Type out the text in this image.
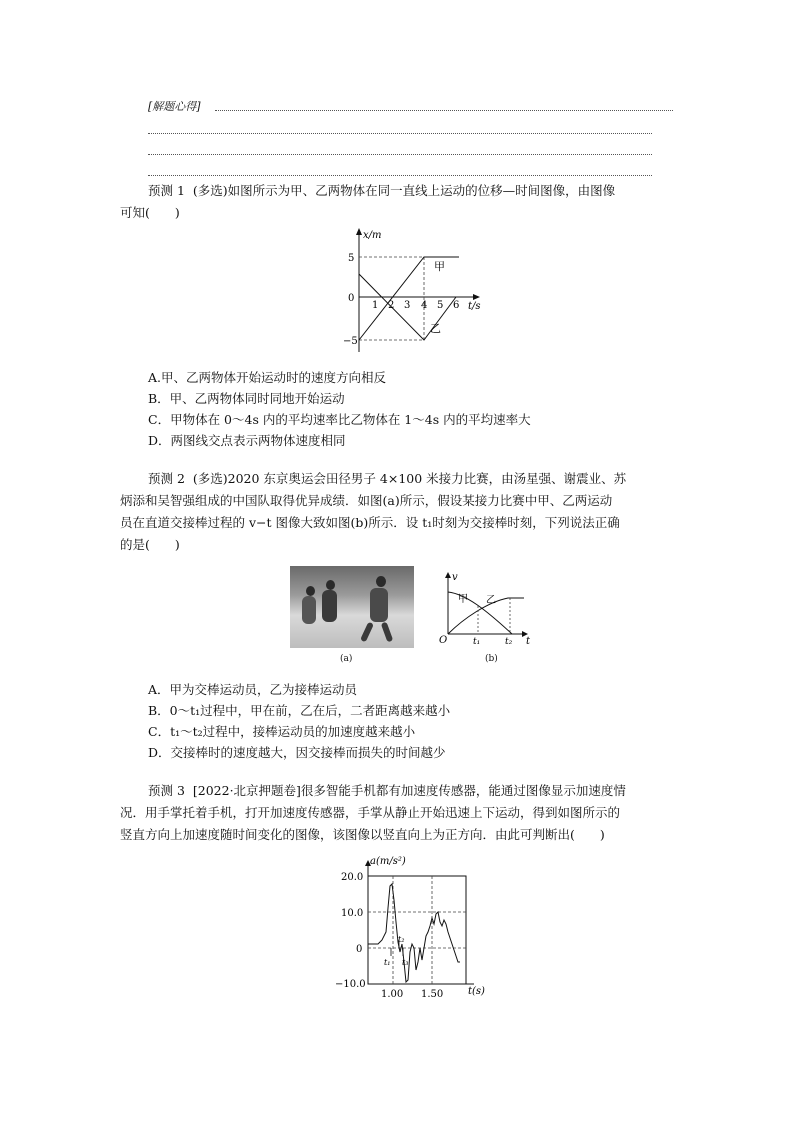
[解题心得]
预测 1 (多选)如图所示为甲、乙两物体在同一直线上运动的位移—时间图像，由图像
可知(　　)
x/m
t/s
5
0
−5
1 2 3 4 5 6
甲
乙
A.甲、乙两物体开始运动时的速度方向相反
B．甲、乙两物体同时同地开始运动
C．甲物体在 0～4s 内的平均速率比乙物体在 1～4s 内的平均速率大
D．两图线交点表示两物体速度相同
预测 2 (多选)2020 东京奥运会田径男子 4×100 米接力比赛，由汤星强、谢震业、苏
炳添和吴智强组成的中国队取得优异成绩．如图(a)所示，假设某接力比赛中甲、乙两运动
员在直道交接棒过程的 v−t 图像大致如图(b)所示．设 t₁时刻为交接棒时刻，下列说法正确
的是(　　)
(a)
v
t
O
甲 乙
t₁	t₂
(b)
A．甲为交棒运动员，乙为接棒运动员
B．0～t₁过程中，甲在前，乙在后，二者距离越来越小
C．t₁～t₂过程中，接棒运动员的加速度越来越小
D．交接棒时的速度越大，因交接棒而损失的时间越少
预测 3 [2022·北京押题卷]很多智能手机都有加速度传感器，能通过图像显示加速度情
况．用手掌托着手机，打开加速度传感器，手掌从静止开始迅速上下运动，得到如图所示的
竖直方向上加速度随时间变化的图像，该图像以竖直向上为正方向．由此可判断出(　　)
a(m/s²)
t(s)
20.0
10.0
0
−10.0
1.00 1.50
t₁
t₂
t₃
